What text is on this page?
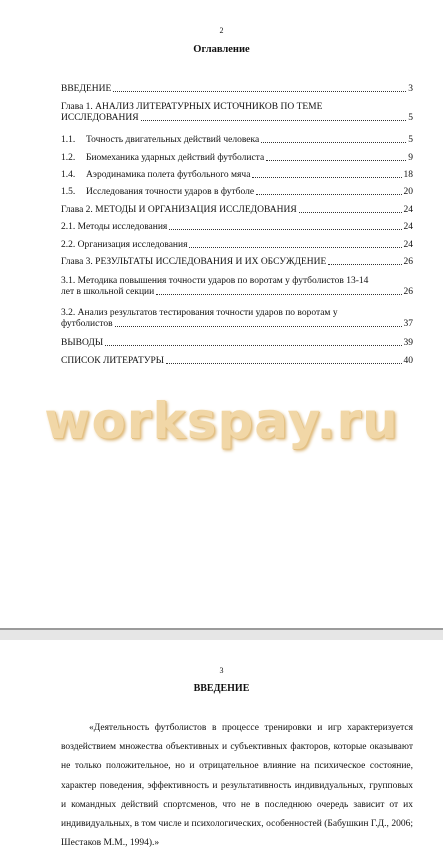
2
Оглавление
ВВЕДЕНИЕ	3
Глава 1. АНАЛИЗ ЛИТЕРАТУРНЫХ ИСТОЧНИКОВ ПО ТЕМЕ
ИССЛЕДОВАНИЯ	5
1.1.	Точность двигательных действий человека	5
1.2.	Биомеханика ударных действий футболиста	9
1.4.	Аэродинамика полета футбольного мяча	18
1.5.	Исследования точности ударов в футболе	20
Глава 2. МЕТОДЫ И ОРГАНИЗАЦИЯ ИССЛЕДОВАНИЯ	24
2.1. Методы исследования	24
2.2. Организация исследования	24
Глава 3. РЕЗУЛЬТАТЫ ИССЛЕДОВАНИЯ И ИХ ОБСУЖДЕНИЕ	26
3.1. Методика повышения точности ударов по воротам у футболистов 13-14
лет в школьной секции	26
3.2. Анализ результатов тестирования точности ударов по воротам у
футболистов	37
ВЫВОДЫ	39
СПИСОК ЛИТЕРАТУРЫ	40
workspay.ru
3
ВВЕДЕНИЕ

«Деятельность футболистов в процессе тренировки и игр характеризуется воздействием множества объективных и субъективных факторов, которые оказывают не только положительное, но и отрицательное влияние на психическое состояние, характер поведения, эффективность и результативность индивидуальных, групповых и командных действий спортсменов, что не в последнюю очередь зависит от их индивидуальных, в том числе и психологических, особенностей (Бабушкин Г.Д., 2006; Шестаков М.М., 1994).»
